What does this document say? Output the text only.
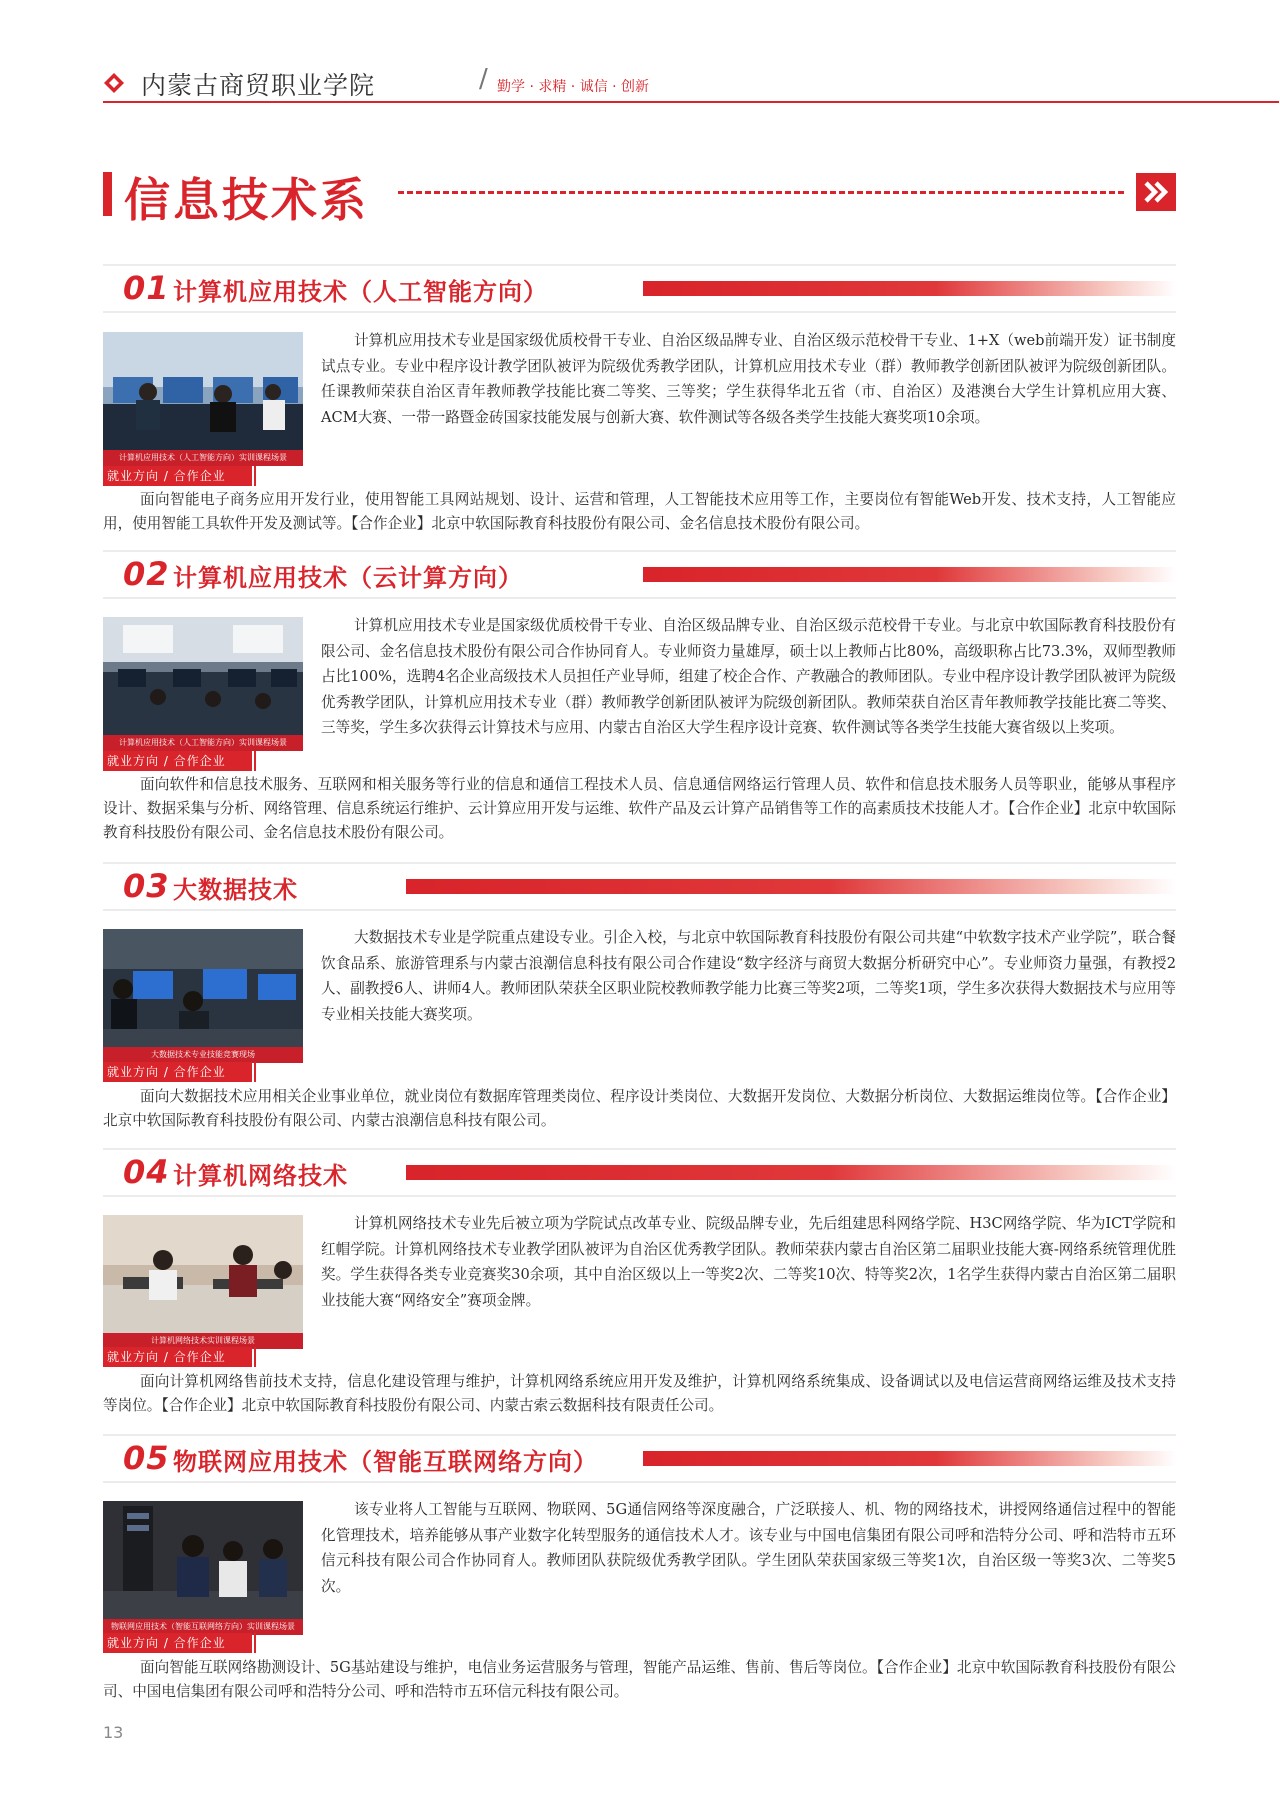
内蒙古商贸职业学院	/ 勤学 · 求精 · 诚信 · 创新
信息技术系
01 计算机应用技术（人工智能方向）
计算机应用技术（人工智能方向）实训课程场景
就业方向 / 合作企业

计算机应用技术专业是国家级优质校骨干专业、自治区级品牌专业、自治区级示范校骨干专业、1+X（web前端开发）证书制度试点专业。专业中程序设计教学团队被评为院级优秀教学团队，计算机应用技术专业（群）教师教学创新团队被评为院级创新团队。任课教师荣获自治区青年教师教学技能比赛二等奖、三等奖；学生获得华北五省（市、自治区）及港澳台大学生计算机应用大赛、ACM大赛、一带一路暨金砖国家技能发展与创新大赛、软件测试等各级各类学生技能大赛奖项10余项。

面向智能电子商务应用开发行业，使用智能工具网站规划、设计、运营和管理，人工智能技术应用等工作，主要岗位有智能Web开发、技术支持，人工智能应用，使用智能工具软件开发及测试等。【合作企业】北京中软国际教育科技股份有限公司、金名信息技术股份有限公司。

02 计算机应用技术（云计算方向）
计算机应用技术（人工智能方向）实训课程场景
就业方向 / 合作企业

计算机应用技术专业是国家级优质校骨干专业、自治区级品牌专业、自治区级示范校骨干专业。与北京中软国际教育科技股份有限公司、金名信息技术股份有限公司合作协同育人。专业师资力量雄厚，硕士以上教师占比80%，高级职称占比73.3%，双师型教师占比100%，选聘4名企业高级技术人员担任产业导师，组建了校企合作、产教融合的教师团队。专业中程序设计教学团队被评为院级优秀教学团队，计算机应用技术专业（群）教师教学创新团队被评为院级创新团队。教师荣获自治区青年教师教学技能比赛二等奖、三等奖，学生多次获得云计算技术与应用、内蒙古自治区大学生程序设计竞赛、软件测试等各类学生技能大赛省级以上奖项。

面向软件和信息技术服务、互联网和相关服务等行业的信息和通信工程技术人员、信息通信网络运行管理人员、软件和信息技术服务人员等职业，能够从事程序设计、数据采集与分析、网络管理、信息系统运行维护、云计算应用开发与运维、软件产品及云计算产品销售等工作的高素质技术技能人才。【合作企业】北京中软国际教育科技股份有限公司、金名信息技术股份有限公司。

03 大数据技术
大数据技术专业技能竞赛现场
就业方向 / 合作企业

大数据技术专业是学院重点建设专业。引企入校，与北京中软国际教育科技股份有限公司共建“中软数字技术产业学院”，联合餐饮食品系、旅游管理系与内蒙古浪潮信息科技有限公司合作建设“数字经济与商贸大数据分析研究中心”。专业师资力量强，有教授2人、副教授6人、讲师4人。教师团队荣获全区职业院校教师教学能力比赛三等奖2项，二等奖1项，学生多次获得大数据技术与应用等专业相关技能大赛奖项。

面向大数据技术应用相关企业事业单位，就业岗位有数据库管理类岗位、程序设计类岗位、大数据开发岗位、大数据分析岗位、大数据运维岗位等。【合作企业】北京中软国际教育科技股份有限公司、内蒙古浪潮信息科技有限公司。

04 计算机网络技术
计算机网络技术实训课程场景
就业方向 / 合作企业

计算机网络技术专业先后被立项为学院试点改革专业、院级品牌专业，先后组建思科网络学院、H3C网络学院、华为ICT学院和红帽学院。计算机网络技术专业教学团队被评为自治区优秀教学团队。教师荣获内蒙古自治区第二届职业技能大赛-网络系统管理优胜奖。学生获得各类专业竞赛奖30余项，其中自治区级以上一等奖2次、二等奖10次、特等奖2次，1名学生获得内蒙古自治区第二届职业技能大赛“网络安全”赛项金牌。

面向计算机网络售前技术支持，信息化建设管理与维护，计算机网络系统应用开发及维护，计算机网络系统集成、设备调试以及电信运营商网络运维及技术支持等岗位。【合作企业】北京中软国际教育科技股份有限公司、内蒙古索云数据科技有限责任公司。

05 物联网应用技术（智能互联网络方向）
物联网应用技术（智能互联网络方向）实训课程场景
就业方向 / 合作企业

该专业将人工智能与互联网、物联网、5G通信网络等深度融合，广泛联接人、机、物的网络技术，讲授网络通信过程中的智能化管理技术，培养能够从事产业数字化转型服务的通信技术人才。该专业与中国电信集团有限公司呼和浩特分公司、呼和浩特市五环信元科技有限公司合作协同育人。教师团队获院级优秀教学团队。学生团队荣获国家级三等奖1次，自治区级一等奖3次、二等奖5次。

面向智能互联网络勘测设计、5G基站建设与维护，电信业务运营服务与管理，智能产品运维、售前、售后等岗位。【合作企业】北京中软国际教育科技股份有限公司、中国电信集团有限公司呼和浩特分公司、呼和浩特市五环信元科技有限公司。

13
